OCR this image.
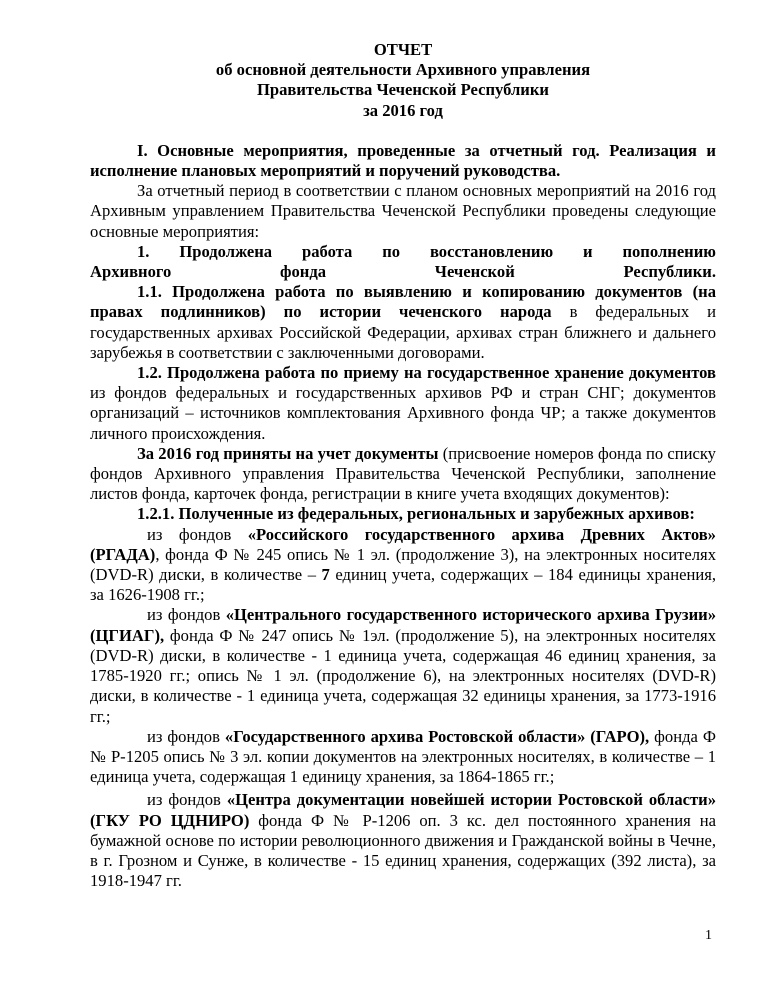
ОТЧЕТ

об основной деятельности Архивного управления

Правительства Чеченской Республики

за 2016 год

I. Основные мероприятия, проведенные за отчетный год. Реализация и исполнение плановых мероприятий и поручений руководства.

За отчетный период в соответствии с планом основных мероприятий на 2016 год Архивным управлением Правительства Чеченской Республики проведены следующие основные мероприятия:

1. Продолжена работа по восстановлению и пополнению Архивного фонда Чеченской Республики.

1.1. Продолжена работа по выявлению и копированию документов (на правах подлинников) по истории чеченского народа в федеральных и государственных архивах Российской Федерации, архивах стран ближнего и дальнего зарубежья в соответствии с заключенными договорами.

1.2. Продолжена работа по приему на государственное хранение документов из фондов федеральных и государственных архивов РФ и стран СНГ; документов организаций – источников комплектования Архивного фонда ЧР; а также документов личного происхождения.

За 2016 год приняты на учет документы (присвоение номеров фонда по списку фондов Архивного управления Правительства Чеченской Республики, заполнение листов фонда, карточек фонда, регистрации в книге учета входящих документов):

1.2.1. Полученные из федеральных, региональных и зарубежных архивов:

из фондов «Российского государственного архива Древних Актов» (РГАДА), фонда Ф № 245 опись № 1 эл. (продолжение 3), на электронных носителях (DVD-R) диски, в количестве – 7 единиц учета, содержащих – 184 единицы хранения, за 1626-1908 гг.;

из фондов «Центрального государственного исторического архива Грузии» (ЦГИАГ), фонда Ф № 247 опись № 1эл. (продолжение 5), на электронных носителях (DVD-R) диски, в количестве - 1 единица учета, содержащая 46 единиц хранения, за 1785-1920 гг.; опись № 1 эл. (продолжение 6), на электронных носителях (DVD-R) диски, в количестве - 1 единица учета, содержащая 32 единицы хранения, за 1773-1916 гг.;

из фондов «Государственного архива Ростовской области» (ГАРО), фонда Ф № Р-1205 опись № 3 эл. копии документов на электронных носителях, в количестве – 1 единица учета, содержащая 1 единицу хранения, за 1864-1865 гг.;

из фондов «Центра документации новейшей истории Ростовской области» (ГКУ РО ЦДНИРО) фонда Ф № Р-1206 оп. 3 кс. дел постоянного хранения на бумажной основе по истории революционного движения и Гражданской войны в Чечне, в г. Грозном и Сунже, в количестве - 15 единиц хранения, содержащих (392 листа), за 1918-1947 гг.

1
